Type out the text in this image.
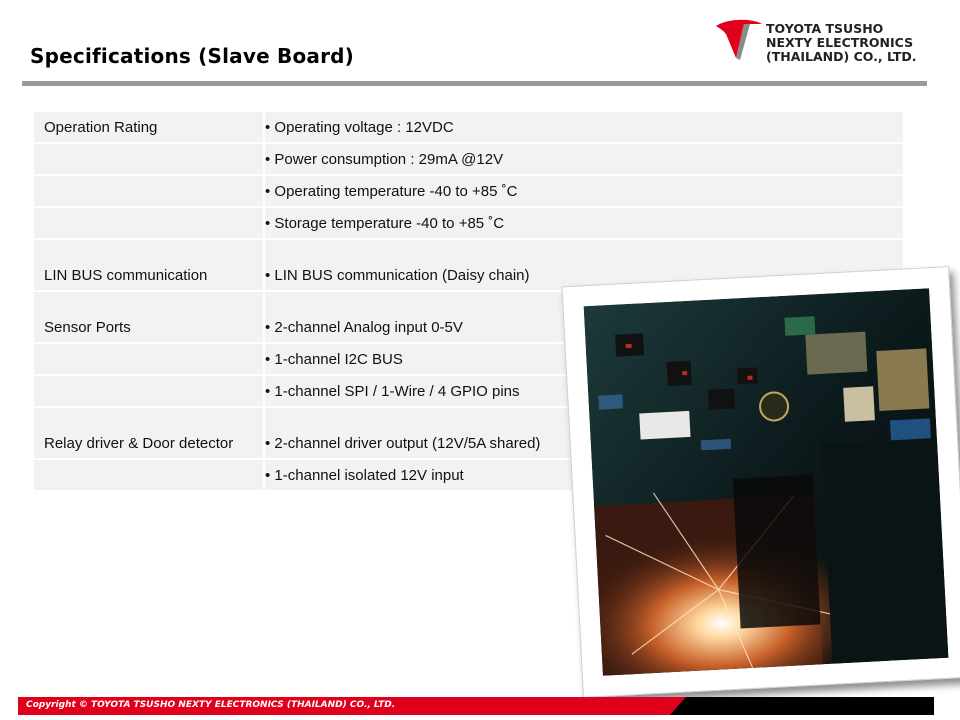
Specifications (Slave Board)
TOYOTA TSUSHO
NEXTY ELECTRONICS
(THAILAND) CO., LTD.
Operation Rating	• Operating voltage : 12VDC
	• Power consumption : 29mA @12V
	• Operating temperature -40 to +85 ˚C
	• Storage temperature -40 to +85 ˚C
LIN BUS communication	• LIN BUS communication (Daisy chain)
Sensor Ports	• 2-channel Analog input 0-5V
	• 1-channel I2C BUS
	• 1-channel SPI / 1-Wire / 4 GPIO pins
Relay driver & Door detector	• 2-channel driver output (12V/5A shared)
	• 1-channel isolated 12V input
Copyright © TOYOTA TSUSHO NEXTY ELECTRONICS (THAILAND) CO., LTD.
